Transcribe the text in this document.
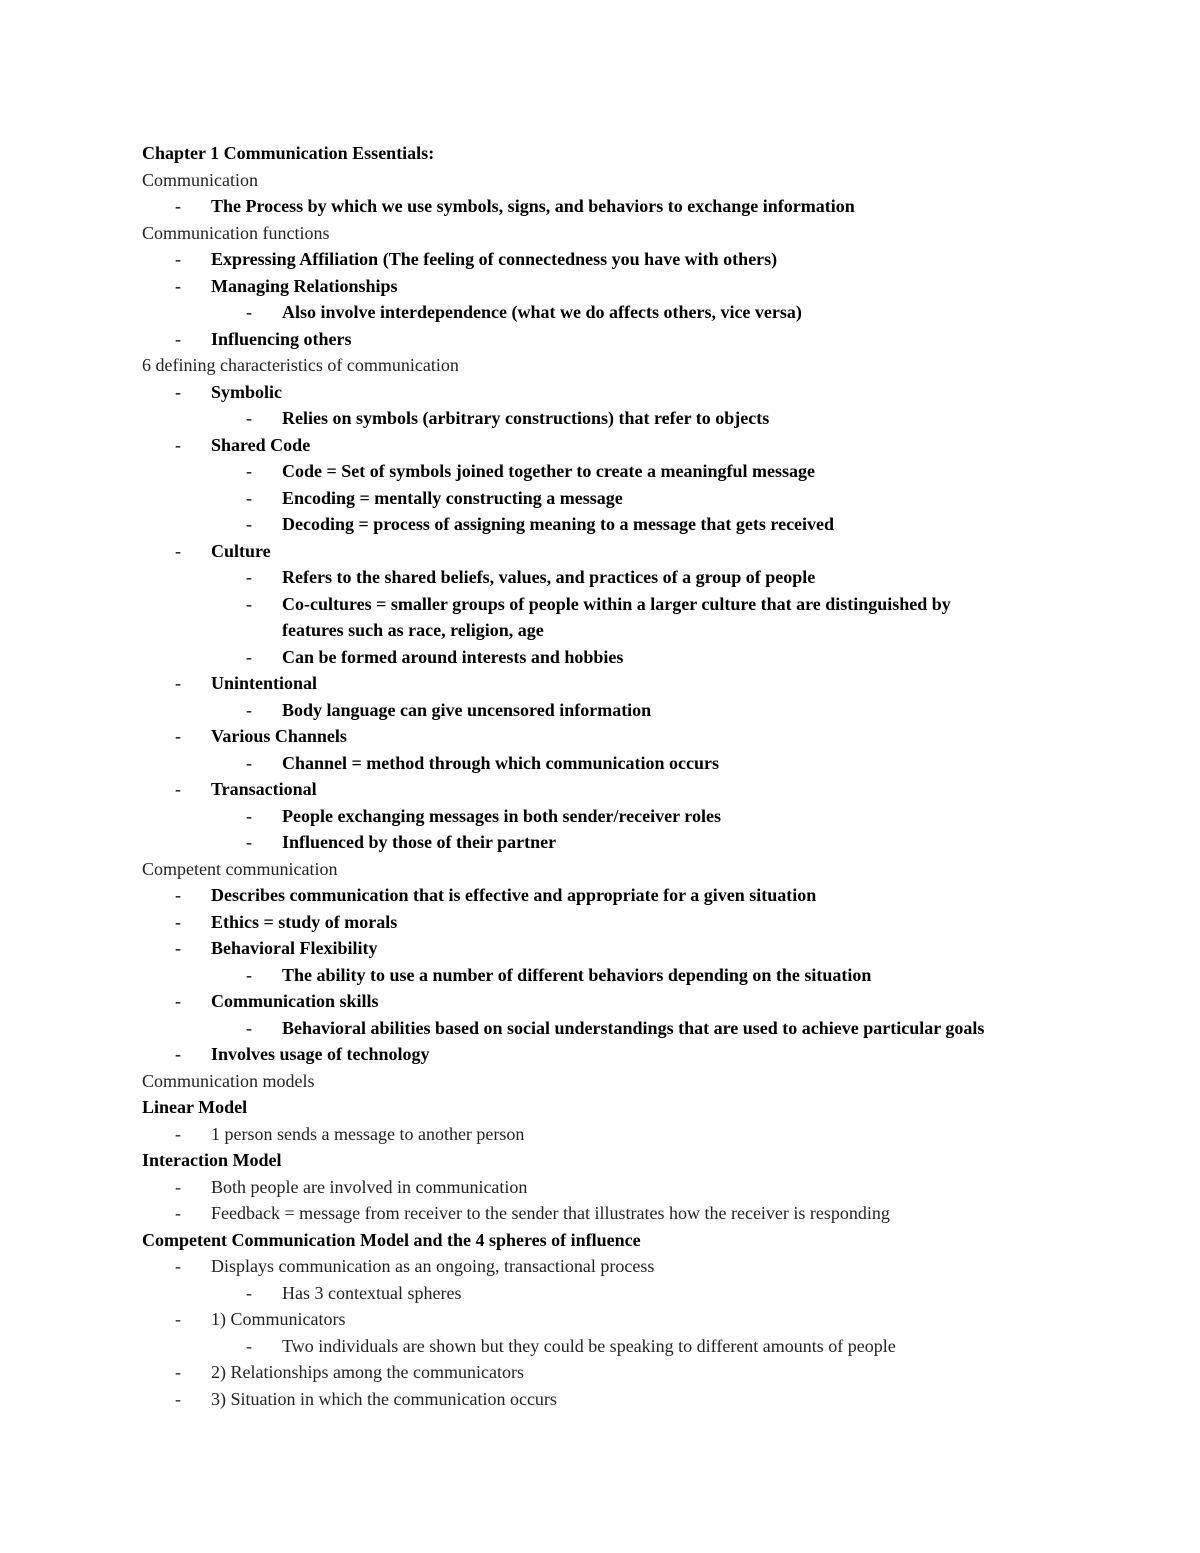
Chapter 1 Communication Essentials:
Communication
- The Process by which we use symbols, signs, and behaviors to exchange information
Communication functions
- Expressing Affiliation (The feeling of connectedness you have with others)
- Managing Relationships
- Also involve interdependence (what we do affects others, vice versa)
- Influencing others
6 defining characteristics of communication
- Symbolic
- Relies on symbols (arbitrary constructions) that refer to objects
- Shared Code
- Code = Set of symbols joined together to create a meaningful message
- Encoding = mentally constructing a message
- Decoding = process of assigning meaning to a message that gets received
- Culture
- Refers to the shared beliefs, values, and practices of a group of people
- Co-cultures = smaller groups of people within a larger culture that are distinguished by
features such as race, religion, age
- Can be formed around interests and hobbies
- Unintentional
- Body language can give uncensored information
- Various Channels
- Channel = method through which communication occurs
- Transactional
- People exchanging messages in both sender/receiver roles
- Influenced by those of their partner
Competent communication
- Describes communication that is effective and appropriate for a given situation
- Ethics = study of morals
- Behavioral Flexibility
- The ability to use a number of different behaviors depending on the situation
- Communication skills
- Behavioral abilities based on social understandings that are used to achieve particular goals
- Involves usage of technology
Communication models
Linear Model
- 1 person sends a message to another person
Interaction Model
- Both people are involved in communication
- Feedback = message from receiver to the sender that illustrates how the receiver is responding
Competent Communication Model and the 4 spheres of influence
- Displays communication as an ongoing, transactional process
- Has 3 contextual spheres
- 1) Communicators
- Two individuals are shown but they could be speaking to different amounts of people
- 2) Relationships among the communicators
- 3) Situation in which the communication occurs
